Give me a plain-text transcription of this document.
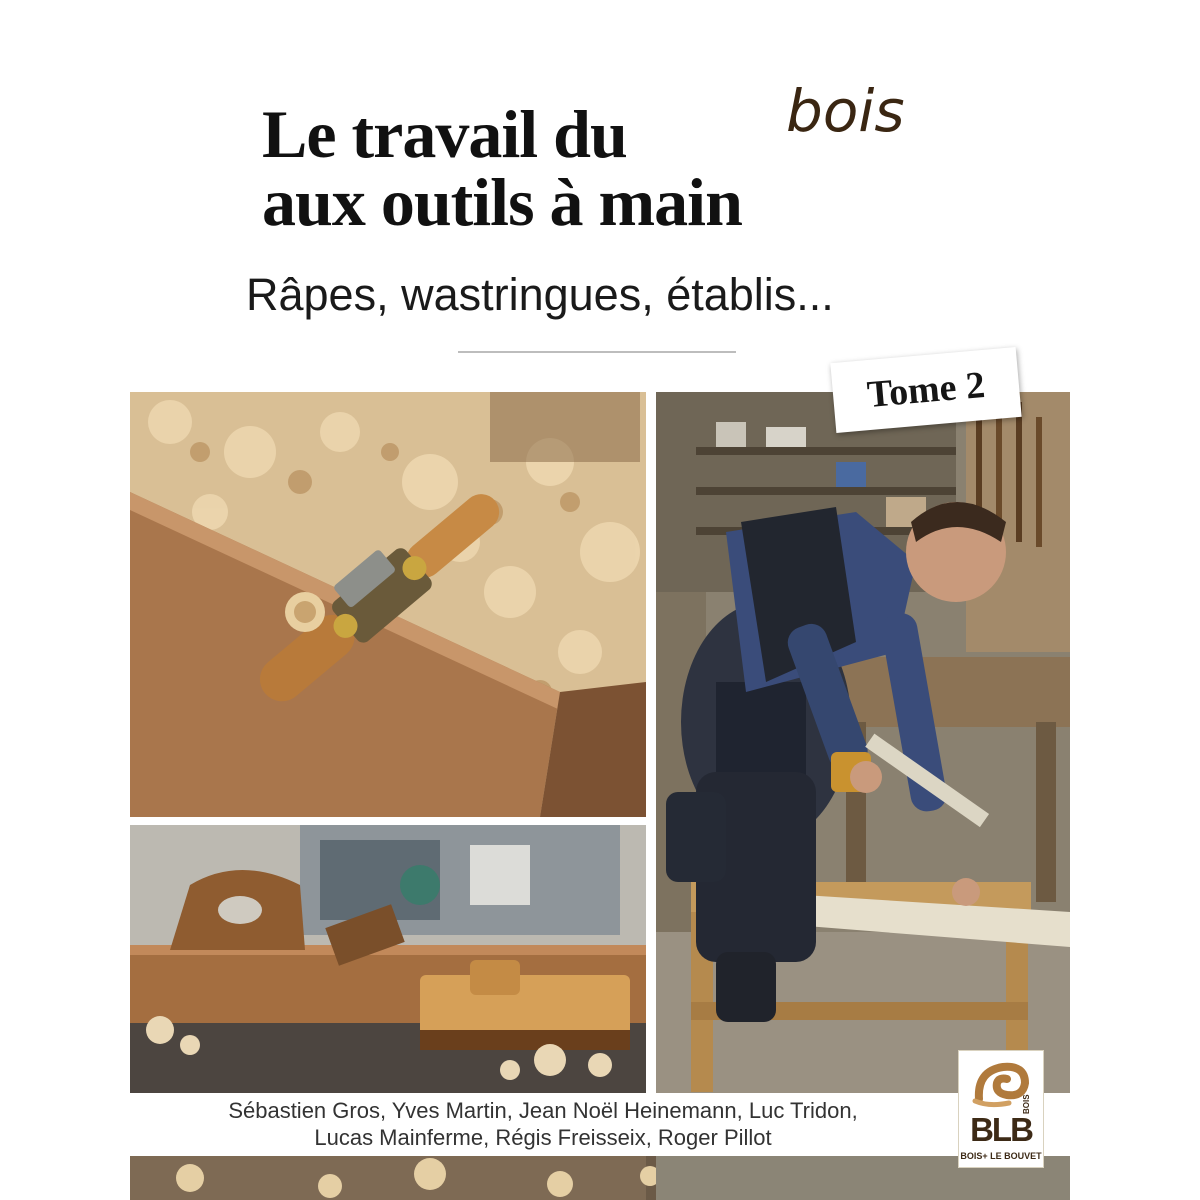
Le travail du	bois
aux outils à main
Râpes, wastringues, établis...
Tome 2
Sébastien Gros, Yves Martin, Jean Noël Heinemann, Luc Tridon,
Lucas Mainferme, Régis Freisseix, Roger Pillot	BLB
BOIS
BOIS+ LE BOUVET
